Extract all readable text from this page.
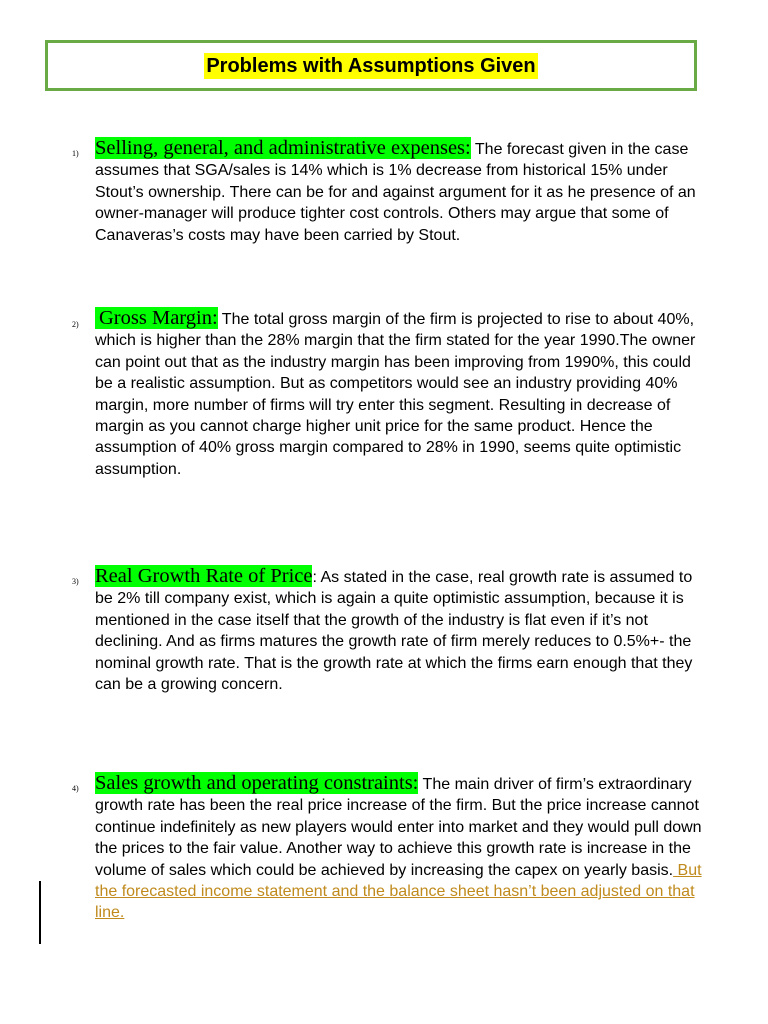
Problems with Assumptions Given
1) Selling, general, and administrative expenses: The forecast given in the case assumes that SGA/sales is 14% which is 1% decrease from historical 15% under Stout’s ownership. There can be for and against argument for it as he presence of an owner-manager will produce tighter cost controls. Others may argue that some of Canaveras’s costs may have been carried by Stout.
2) Gross Margin: The total gross margin of the firm is projected to rise to about 40%, which is higher than the 28% margin that the firm stated for the year 1990.The owner can point out that as the industry margin has been improving from 1990%, this could be a realistic assumption. But as competitors would see an industry providing 40% margin, more number of firms will try enter this segment. Resulting in decrease of margin as you cannot charge higher unit price for the same product. Hence the assumption of 40% gross margin compared to 28% in 1990, seems quite optimistic assumption.
3) Real Growth Rate of Price: As stated in the case, real growth rate is assumed to be 2% till company exist, which is again a quite optimistic assumption, because it is mentioned in the case itself that the growth of the industry is flat even if it’s not declining. And as firms matures the growth rate of firm merely reduces to 0.5%+- the nominal growth rate. That is the growth rate at which the firms earn enough that they can be a growing concern.
4) Sales growth and operating constraints: The main driver of firm’s extraordinary growth rate has been the real price increase of the firm. But the price increase cannot continue indefinitely as new players would enter into market and they would pull down the prices to the fair value. Another way to achieve this growth rate is increase in the volume of sales which could be achieved by increasing the capex on yearly basis. But the forecasted income statement and the balance sheet hasn’t been adjusted on that line.
